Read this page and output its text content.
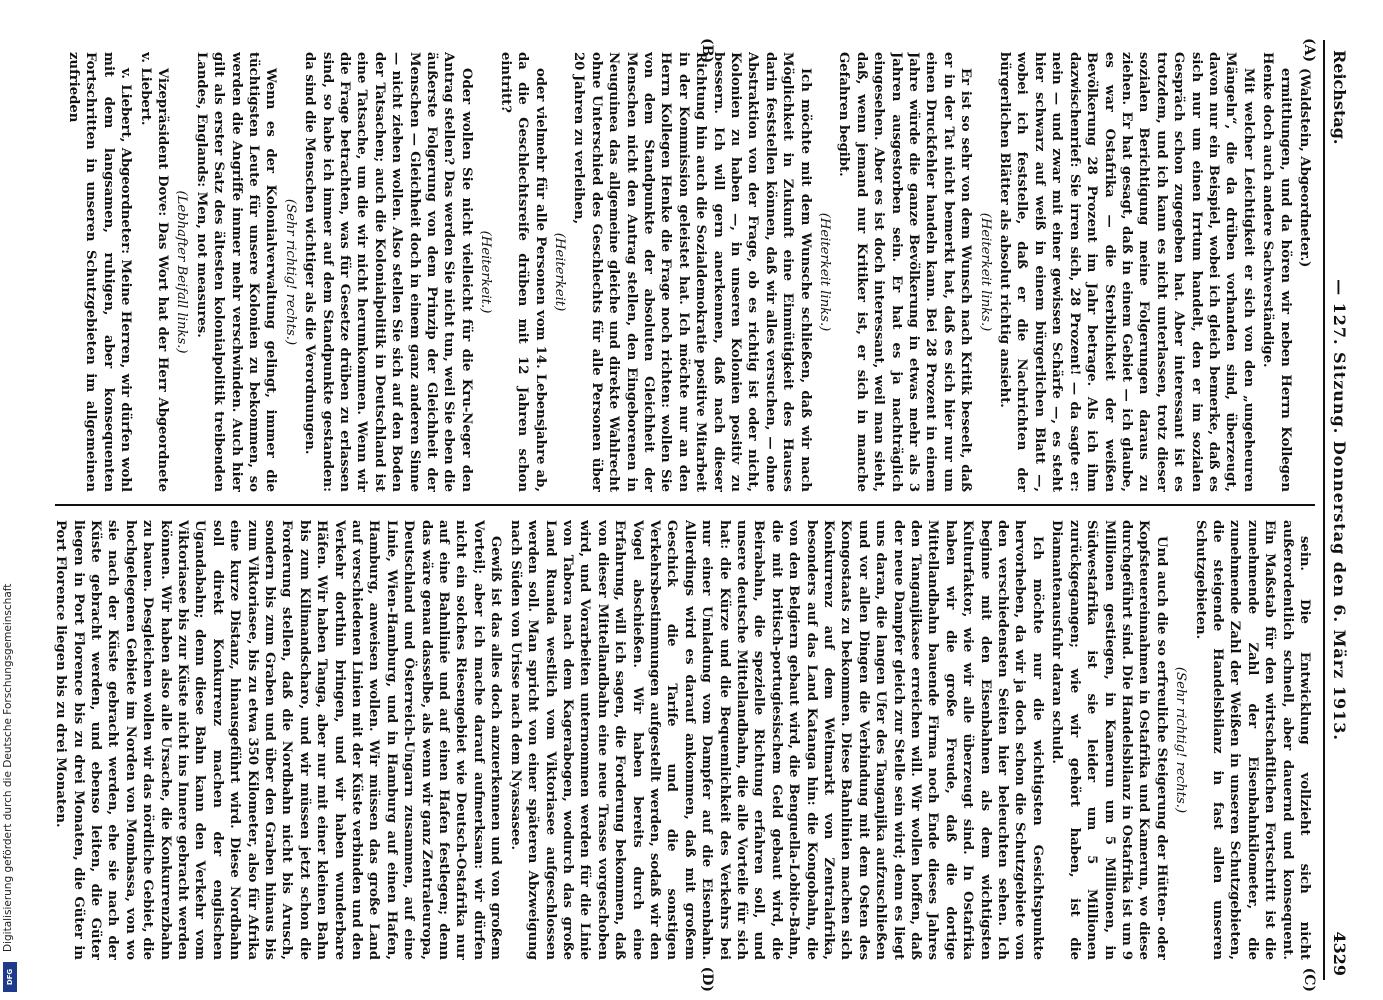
Reichstag.
— 127. Sitzung. Donnerstag den 6. März 1913.
4329
(A)
(B)
(C)
(D)

(Waldstein, Abgeordneter.)

ermittlungen, und da hören wir neben Herrn Kollegen Henke doch auch andere Sachverständige.

Mit welcher Leichtigkeit er sich von den „ungeheuren Mängeln“, die da drüben vorhanden sind, überzeugt, davon nur ein Beispiel, wobei ich gleich bemerke, daß es sich nur um einen Irrtum handelt, den er im sozialen Gespräch schon zugegeben hat. Aber interessant ist es trotzdem, und ich kann es nicht unterlassen, trotz dieser sozialen Berichtigung meine Folgerungen daraus zu ziehen. Er hat gesagt, daß in einem Gebiet — ich glaube, es war Ostafrika — die Sterblichkeit der weißen Bevölkerung 28 Prozent im Jahr betrage. Als ich ihm dazwischenrief: Sie irren sich, 28 Prozent! — da sagte er: nein — und zwar mit einer gewissen Schärfe —, es steht hier schwarz auf weiß in einem bürgerlichen Blatt —, wobei ich feststelle, daß er die Nachrichten der bürgerlichen Blätter als absolut richtig ansieht.

(Heiterkeit links.)

Er ist so sehr von dem Wunsch nach Kritik beseelt, daß er in der Tat nicht bemerkt hat, daß es sich hier nur um einen Druckfehler handeln kann. Bei 28 Prozent in einem Jahre würde die ganze Bevölkerung in etwas mehr als 3 Jahren ausgestorben sein. Er hat es ja nachträglich eingesehen. Aber es ist doch interessant, weil man sieht, daß, wenn jemand nur Kritiker ist, er sich in manche Gefahren begibt.

(Heiterkeit links.)

Ich möchte mit dem Wunsche schließen, daß wir nach Möglichkeit in Zukunft eine Einmütigkeit des Hauses darin feststellen können, daß wir alles versuchen, — ohne Abstraktion von der Frage, ob es richtig ist oder nicht, Kolonien zu haben —, in unseren Kolonien positiv zu bessern. Ich will gern anerkennen, daß nach dieser Richtung hin auch die Sozialdemokratie positive Mitarbeit in der Kommission geleistet hat. Ich möchte nur an den Herrn Kollegen Henke die Frage noch richten: wollen Sie von dem Standpunkte der absoluten Gleichheit der Menschen nicht den Antrag stellen, den Eingeborenen in Neuguinea das allgemeine gleiche und direkte Wahlrecht ohne Unterschied des Geschlechts für alle Personen über 20 Jahren zu verleihen,

(Heiterkeit)

oder vielmehr für alle Personen vom 14. Lebensjahre ab, da die Geschlechtsreife drüben mit 12 Jahren schon eintritt?

(Heiterkeit.)

Oder wollen Sie nicht vielleicht für die Kru-Neger den Antrag stellen? Das werden Sie nicht tun, weil Sie eben die äußerste Folgerung von dem Prinzip der Gleichheit der Menschen — Gleichheit doch in einem ganz anderen Sinne — nicht ziehen wollen. Also stellen Sie sich auf den Boden der Tatsachen; auch die Kolonialpolitik in Deutschland ist eine Tatsache, um die wir nicht herumkommen. Wenn wir die Frage betrachten, was für Gesetze drüben zu erlassen sind, so habe ich immer auf dem Standpunkte gestanden: da sind die Menschen wichtiger als die Verordnungen.

(Sehr richtig! rechts.)

Wenn es der Kolonialverwaltung gelingt, immer die tüchtigsten Leute für unsere Kolonien zu bekommen, so werden die Angriffe immer mehr verschwinden. Auch hier gilt als erster Satz des ältesten kolonialpolitik treibenden Landes, Englands: Men, not measures.

(Lebhafter Beifall links.)

Vizepräsident Dove: Das Wort hat der Herr Abgeordnete v. Liebert.

v. Liebert, Abgeordneter: Meine Herren, wir dürfen wohl mit dem langsamen, ruhigen, aber konsequenten Fortschritten in unseren Schutzgebieten im allgemeinen zufrieden

sein. Die Entwicklung vollzieht sich nicht außerordentlich schnell, aber dauernd und konsequent. Ein Maßstab für den wirtschaftlichen Fortschritt ist die zunehmende Zahl der Eisenbahnkilometer, die zunehmende Zahl der Weißen in unseren Schutzgebieten, die steigende Handelsbilanz in fast allen unseren Schutzgebieten.

(Sehr richtig! rechts.)

Und auch die so erfreuliche Steigerung der Hütten- oder Kopfsteuereinnahmen in Ostafrika und Kamerun, wo diese durchgeführt sind. Die Handelsbilanz in Ostafrika ist um 9 Millionen gestiegen, in Kamerun um 5 Millionen, in Südwestafrika ist sie leider um 5 Millionen zurückgegangen; wie wir gehört haben, ist die Diamantenausfuhr daran schuld.

Ich möchte nur die wichtigsten Gesichtspunkte hervorheben, da wir ja doch schon die Schutzgebiete von den verschiedensten Seiten hier beleuchten sehen. Ich beginne mit den Eisenbahnen als dem wichtigsten Kulturfaktor, wie wir alle überzeugt sind. In Ostafrika haben wir die große Freude, daß die dortige Mittellandbahn bauende Firma noch Ende dieses Jahres den Tanganjikasee erreichen will. Wir wollen hoffen, daß der neue Dampfer gleich zur Stelle sein wird; denn es liegt uns daran, die langen Ufer des Tanganjika aufzuschließen und vor allen Dingen die Verbindung mit dem Osten des Kongostaats zu bekommen. Diese Bahnlinien machen sich Konkurrenz auf dem Weltmarkt von Zentralafrika, besonders auf das Land Katanga hin: die Kongobahn, die von den Belgiern gebaut wird, die Benguella-Lobito-Bahn, die mit britisch-portugiesischem Geld gebaut wird, die Beirabahn, die spezielle Richtung erfahren soll, und unsere deutsche Mittellandbahn, die alle Vorteile für sich hat: die Kürze und die Bequemlichkeit des Verkehrs bei nur einer Umladung vom Dampfer auf die Eisenbahn. Allerdings wird es darauf ankommen, daß mit großem Geschick die Tarife und die sonstigen Verkehrsbestimmungen aufgestellt werden, sodaß wir den Vogel abschießen. Wir haben bereits durch eine Erfahrung, will ich sagen, die Forderung bekommen, daß von dieser Mittellandbahn eine neue Trasse vorgeschoben wird, und Vorarbeiten unternommen werden für die Linie von Tabora nach dem Kagerabogen, wodurch das große Land Ruanda westlich vom Viktoriasee aufgeschlossen werden soll. Man spricht von einer späteren Abzweigung nach Süden von Urisse nach dem Nyassasee.

Gewiß ist das alles doch anzuerkennen und von großem Vorteil; aber ich mache darauf aufmerksam: wir dürfen nicht ein solches Riesengebiet wie Deutsch-Ostafrika nur auf eine Bahnlinie und auf einen Hafen festlegen; denn das wäre genau dasselbe, als wenn wir ganz Zentraleuropa, Deutschland und Österreich-Ungarn zusammen, auf eine Linie, Wien-Hamburg, und in Hamburg auf einen Hafen, Hamburg, anweisen wollen. Wir müssen das große Land auf verschiedenen Linien mit der Küste verbinden und den Verkehr dorthin bringen, und wir haben wunderbare Häfen. Wir haben Tanga, aber nur mit einer kleinen Bahn bis zum Kilimandscharo, und wir müssen jetzt schon die Forderung stellen, daß die Nordbahn nicht bis Arusch, sondern bis zum Graben und über den Graben hinaus bis zum Viktoriasee, bis zu etwa 350 Kilometer, also für Afrika eine kurze Distanz, hinausgeführt wird. Diese Nordbahn soll direkt Konkurrenz machen der englischen Ugandabahn; denn diese Bahn kann den Verkehr vom Viktoriasee bis zur Küste nicht ins Innere gebracht werden können. Wir haben also alle Ursache, die Konkurrenzbahn zu bauen. Desgleichen wollen wir das nördliche Gebiet, die hochgelegenen Gebiete im Norden von Mombassa, von wo sie nach der Küste gebracht werden, ehe sie nach der Küste gebracht werden, und ebenso leiten, die Güter liegen in Port Florence bis zu drei Monaten, die Güter in Port Florence liegen bis zu drei Monaten.

Digitalisierung gefördert durch die Deutsche Forschungsgemeinschaft
DFG
